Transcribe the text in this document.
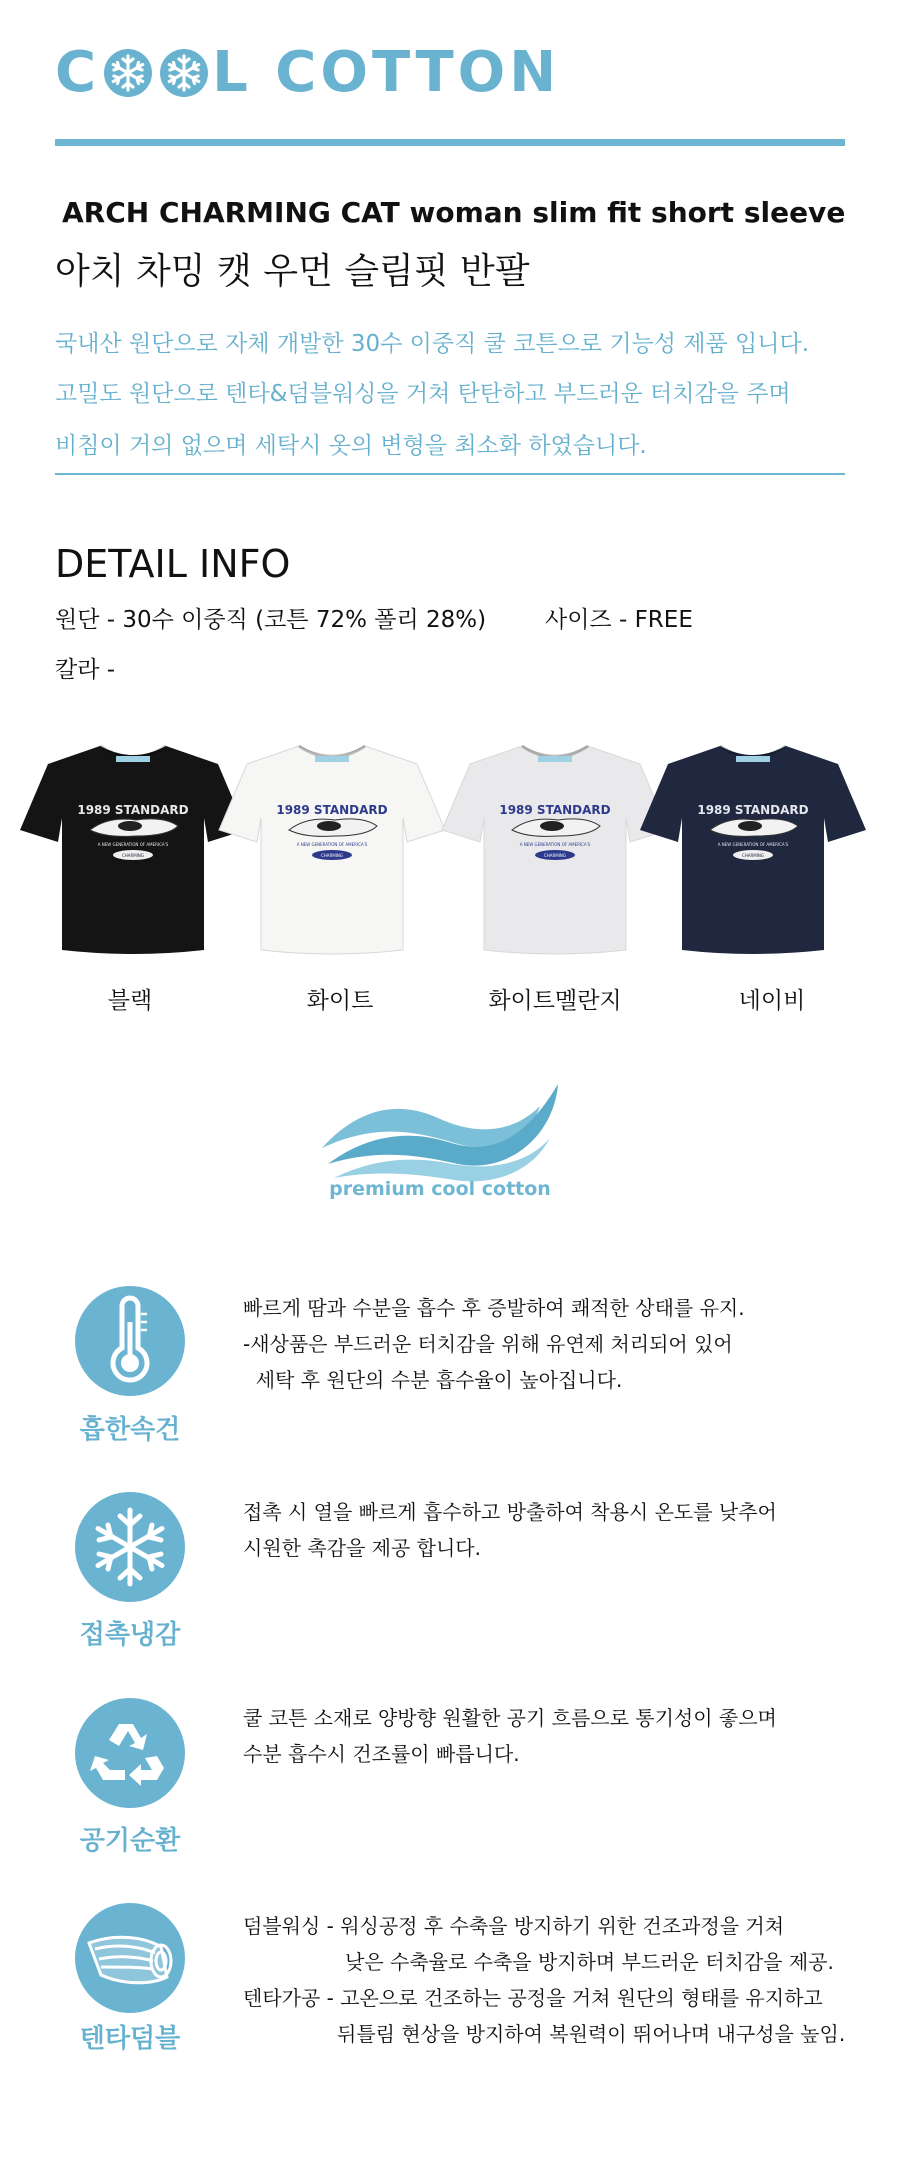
C L COTTON
ARCH CHARMING CAT woman slim fit short sleeve
아치 차밍 캣 우먼 슬림핏 반팔
국내산 원단으로 자체 개발한 30수 이중직 쿨 코튼으로 기능성 제품 입니다.
고밀도 원단으로 텐타&덤블워싱을 거쳐 탄탄하고 부드러운 터치감을 주며
비침이 거의 없으며 세탁시 옷의 변형을 최소화 하였습니다.
DETAIL INFO
원단 - 30수 이중직 (코튼 72% 폴리 28%)	사이즈 - FREE
칼라 -
1989 STANDARD
A NEW GENERATION OF AMERICA'S
CHARMING
블랙
1989 STANDARD
A NEW GENERATION OF AMERICA'S
CHARMING
화이트
1989 STANDARD
A NEW GENERATION OF AMERICA'S
CHARMING
화이트멜란지
1989 STANDARD
A NEW GENERATION OF AMERICA'S
CHARMING
네이비
premium cool cotton
흡한속건
빠르게 땀과 수분을 흡수 후 증발하여 쾌적한 상태를 유지.
-새상품은 부드러운 터치감을 위해 유연제 처리되어 있어
세탁 후 원단의 수분 흡수율이 높아집니다.
접촉냉감
접촉 시 열을 빠르게 흡수하고 방출하여 착용시 온도를 낮추어
시원한 촉감을 제공 합니다.
공기순환
쿨 코튼 소재로 양방향 원활한 공기 흐름으로 통기성이 좋으며
수분 흡수시 건조률이 빠릅니다.
텐타덤블
덤블워싱 - 워싱공정 후 수축을 방지하기 위한 건조과정을 거쳐
낮은 수축율로 수축을 방지하며 부드러운 터치감을 제공.
텐타가공 - 고온으로 건조하는 공정을 거쳐 원단의 형태를 유지하고
뒤틀림 현상을 방지하여 복원력이 뛰어나며 내구성을 높임.
